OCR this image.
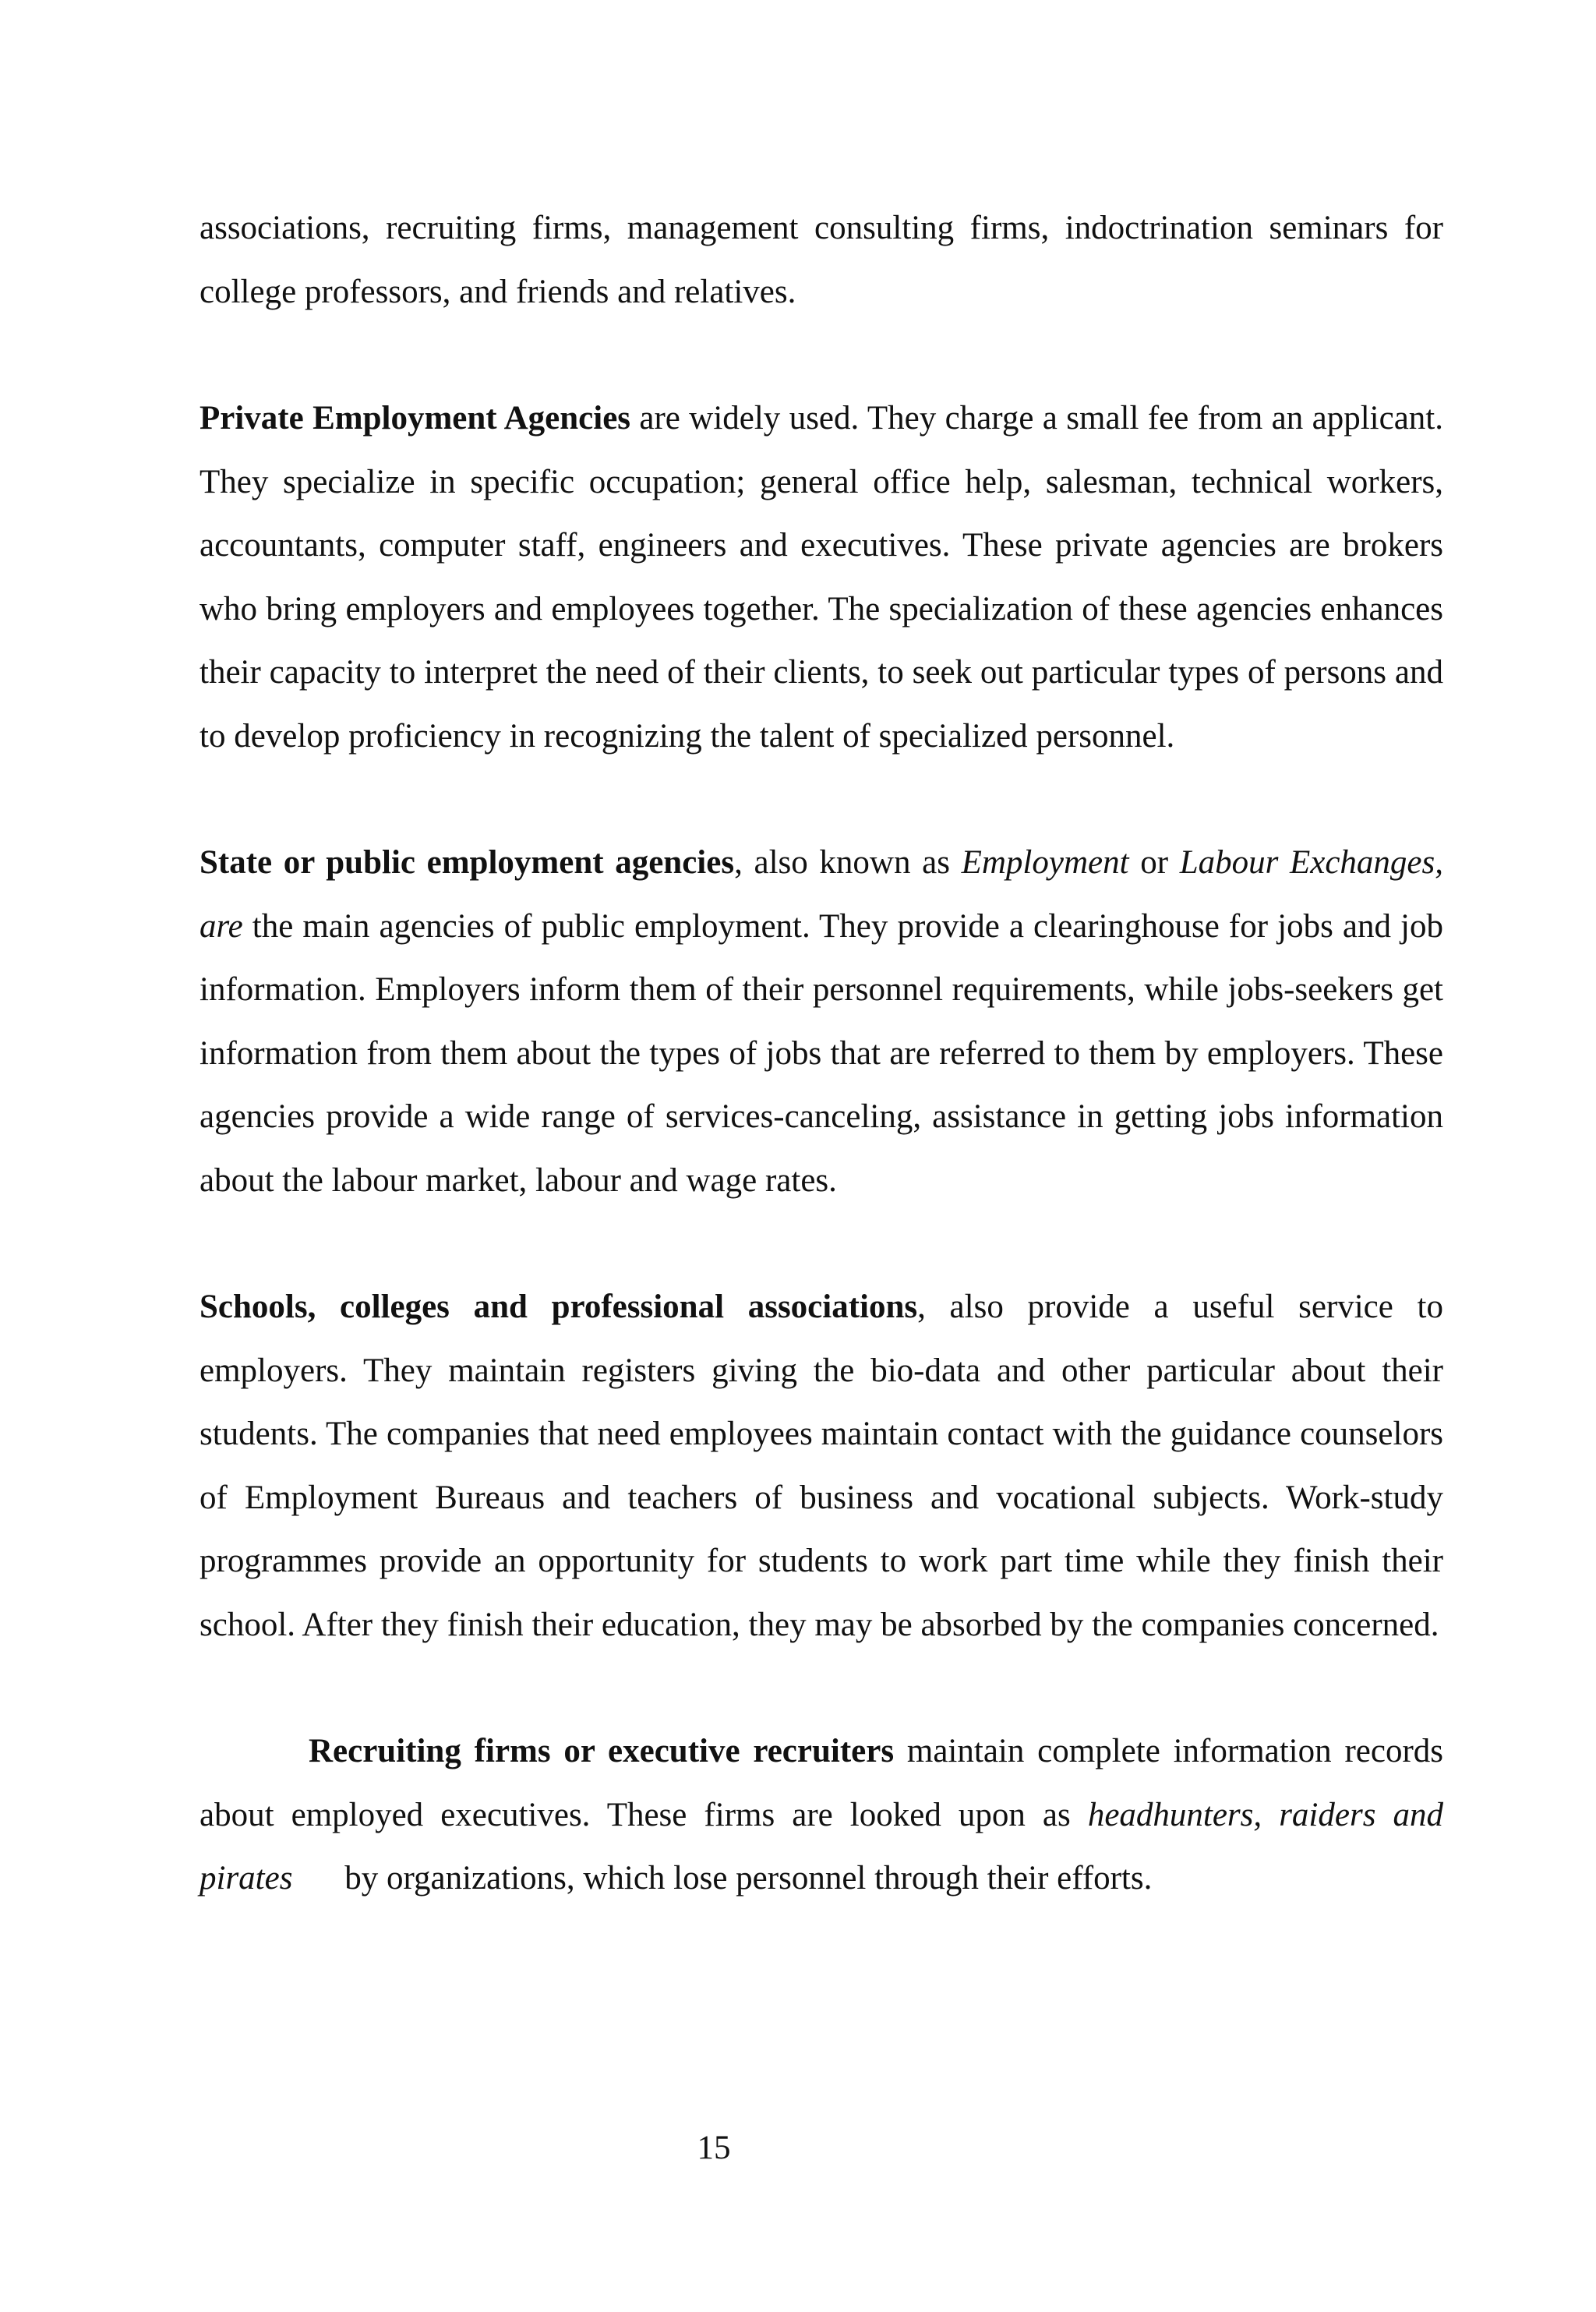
associations, recruiting firms, management consulting firms, indoctrination seminars for college professors, and friends and relatives.

Private Employment Agencies are widely used. They charge a small fee from an applicant. They specialize in specific occupation; general office help, salesman, technical workers, accountants, computer staff, engineers and executives. These private agencies are brokers who bring employers and employees together. The specialization of these agencies enhances their capacity to interpret the need of their clients, to seek out particular types of persons and to develop proficiency in recognizing the talent of specialized personnel.

State or public employment agencies, also known as Employment or Labour Exchanges, are the main agencies of public employment. They provide a clearinghouse for jobs and job information. Employers inform them of their personnel requirements, while jobs-seekers get information from them about the types of jobs that are referred to them by employers. These agencies provide a wide range of services-canceling, assistance in getting jobs information about the labour market, labour and wage rates.

Schools, colleges and professional associations, also provide a useful service to employers. They maintain registers giving the bio-data and other particular about their students. The companies that need employees maintain contact with the guidance counselors of Employment Bureaus and teachers of business and vocational subjects. Work-study programmes provide an opportunity for students to work part time while they finish their school. After they finish their education, they may be absorbed by the companies concerned.

Recruiting firms or executive recruiters maintain complete information records about employed executives. These firms are looked upon as headhunters, raiders and pirates by organizations, which lose personnel through their efforts.

15
